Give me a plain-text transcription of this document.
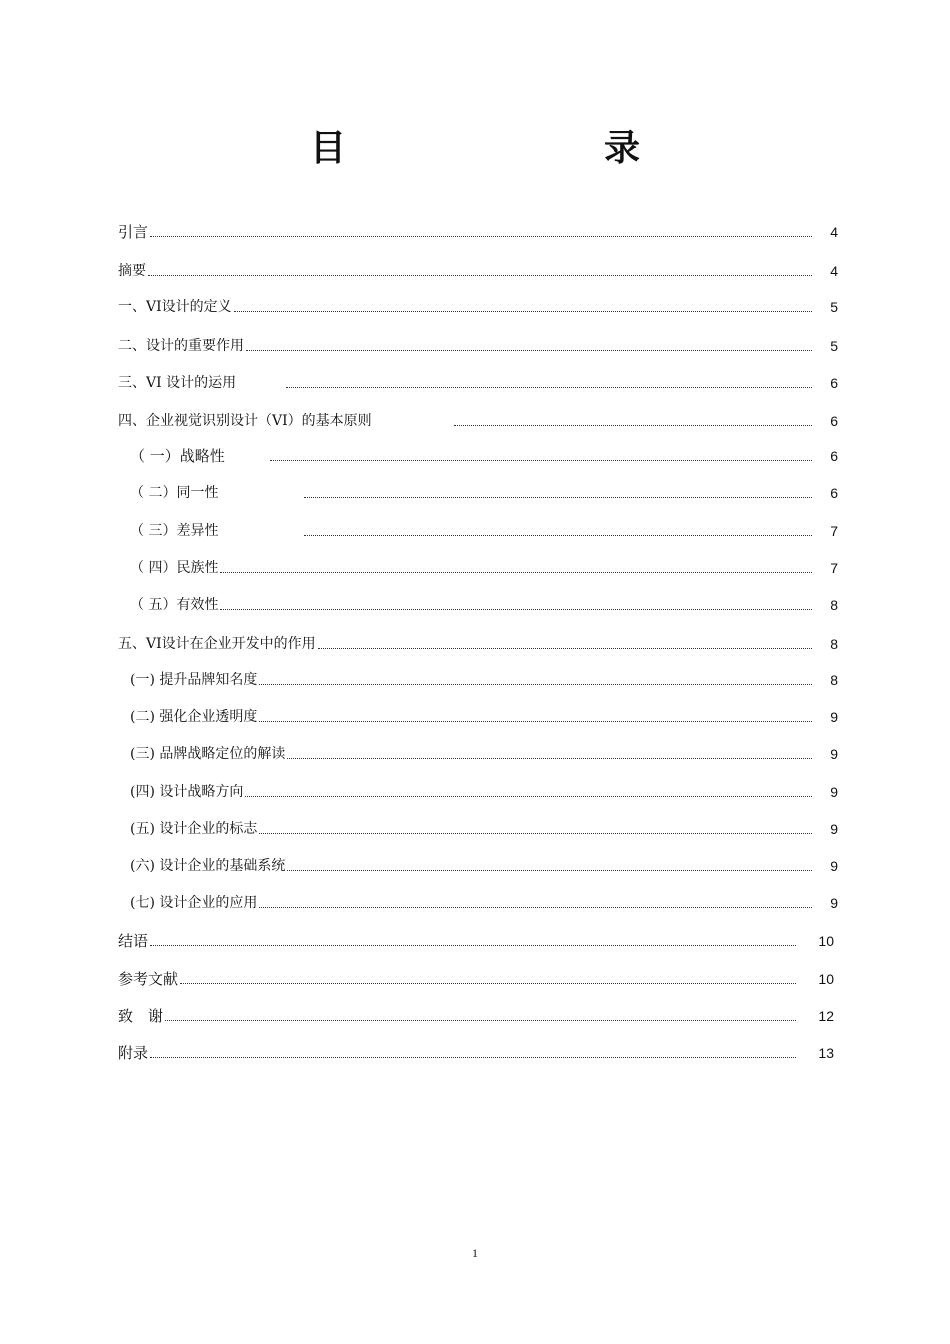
目　　录
引言	4
摘要	4
一、VI设计的定义	5
二、设计的重要作用	5
三、VI 设计的运用	6
四、企业视觉识别设计（VI）的基本原则	6
（ 一）战略性	6
（ 二）同一性	6
（ 三）差异性	7
（ 四）民族性	7
（ 五）有效性	8
五、VI设计在企业开发中的作用	8
(一) 提升品牌知名度	8
(二) 强化企业透明度	9
(三) 品牌战略定位的解读	9
(四) 设计战略方向	9
(五) 设计企业的标志	9
(六) 设计企业的基础系统	9
(七) 设计企业的应用	9
结语	10
参考文献	10
致　谢	12
附录	13
1
